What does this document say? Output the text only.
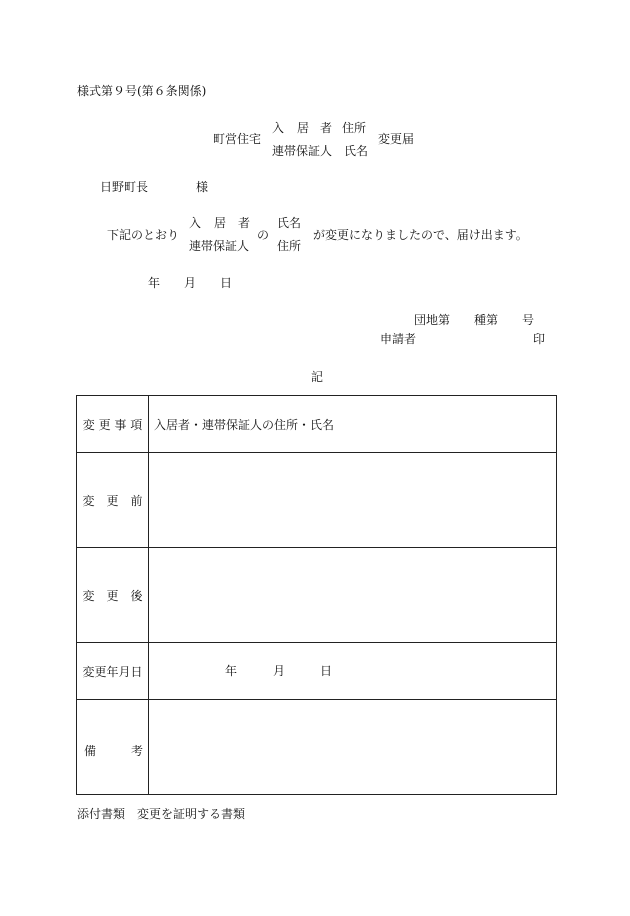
様式第９号(第６条関係)
町営住宅
入 居 者 住所
連帯保証人　氏名
変更届
日野町長	様
下記のとおり
入 居 者
連帯保証人
の
氏名
住所
が変更になりましたので、届け出ます。
年 月 日
団地第 種第 号
申請者	印
記
変 更 事 項 入居者・連帯保証人の住所・氏名
変　更　前
変　更　後
変更年月日	年	月	日
備	考
添付書類 変更を証明する書類
